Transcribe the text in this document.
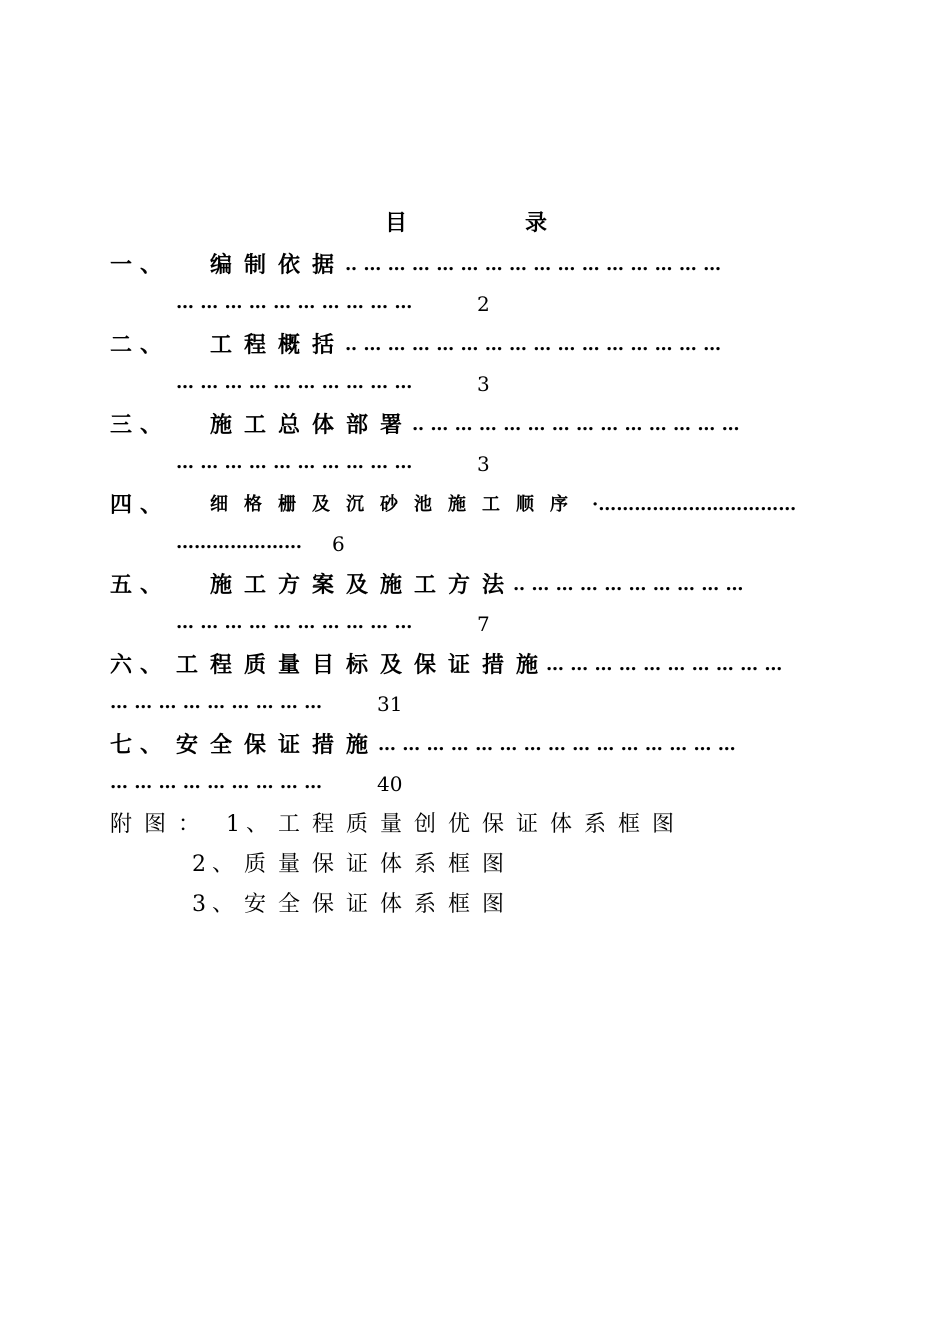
目　录
一、 编制依据
‥ … … … … … … … … … … … … … … …
… … … … … … … … … …	2
二、 工程概括
‥ … … … … … … … … … … … … … … …
… … … … … … … … … …	3
三、 施工总体部署
‥ … … … … … … … … … … … … …
… … … … … … … … … …	3
四、 细格栅及沉砂池施工顺序 ·……………………………
………………… 6
五、 施工方案及施工方法
‥ … … … … … … … … …
… … … … … … … … … …	7
六、 工程质量目标及保证措施
… … … … … … … … … …
… … … … … … … … …	31
七、 安全保证措施
… … … … … … … … … … … … … … …
… … … … … … … … …	40
附图： 1、 工程质量创优保证体系框图
2、 质量保证体系框图
3、 安全保证体系框图
